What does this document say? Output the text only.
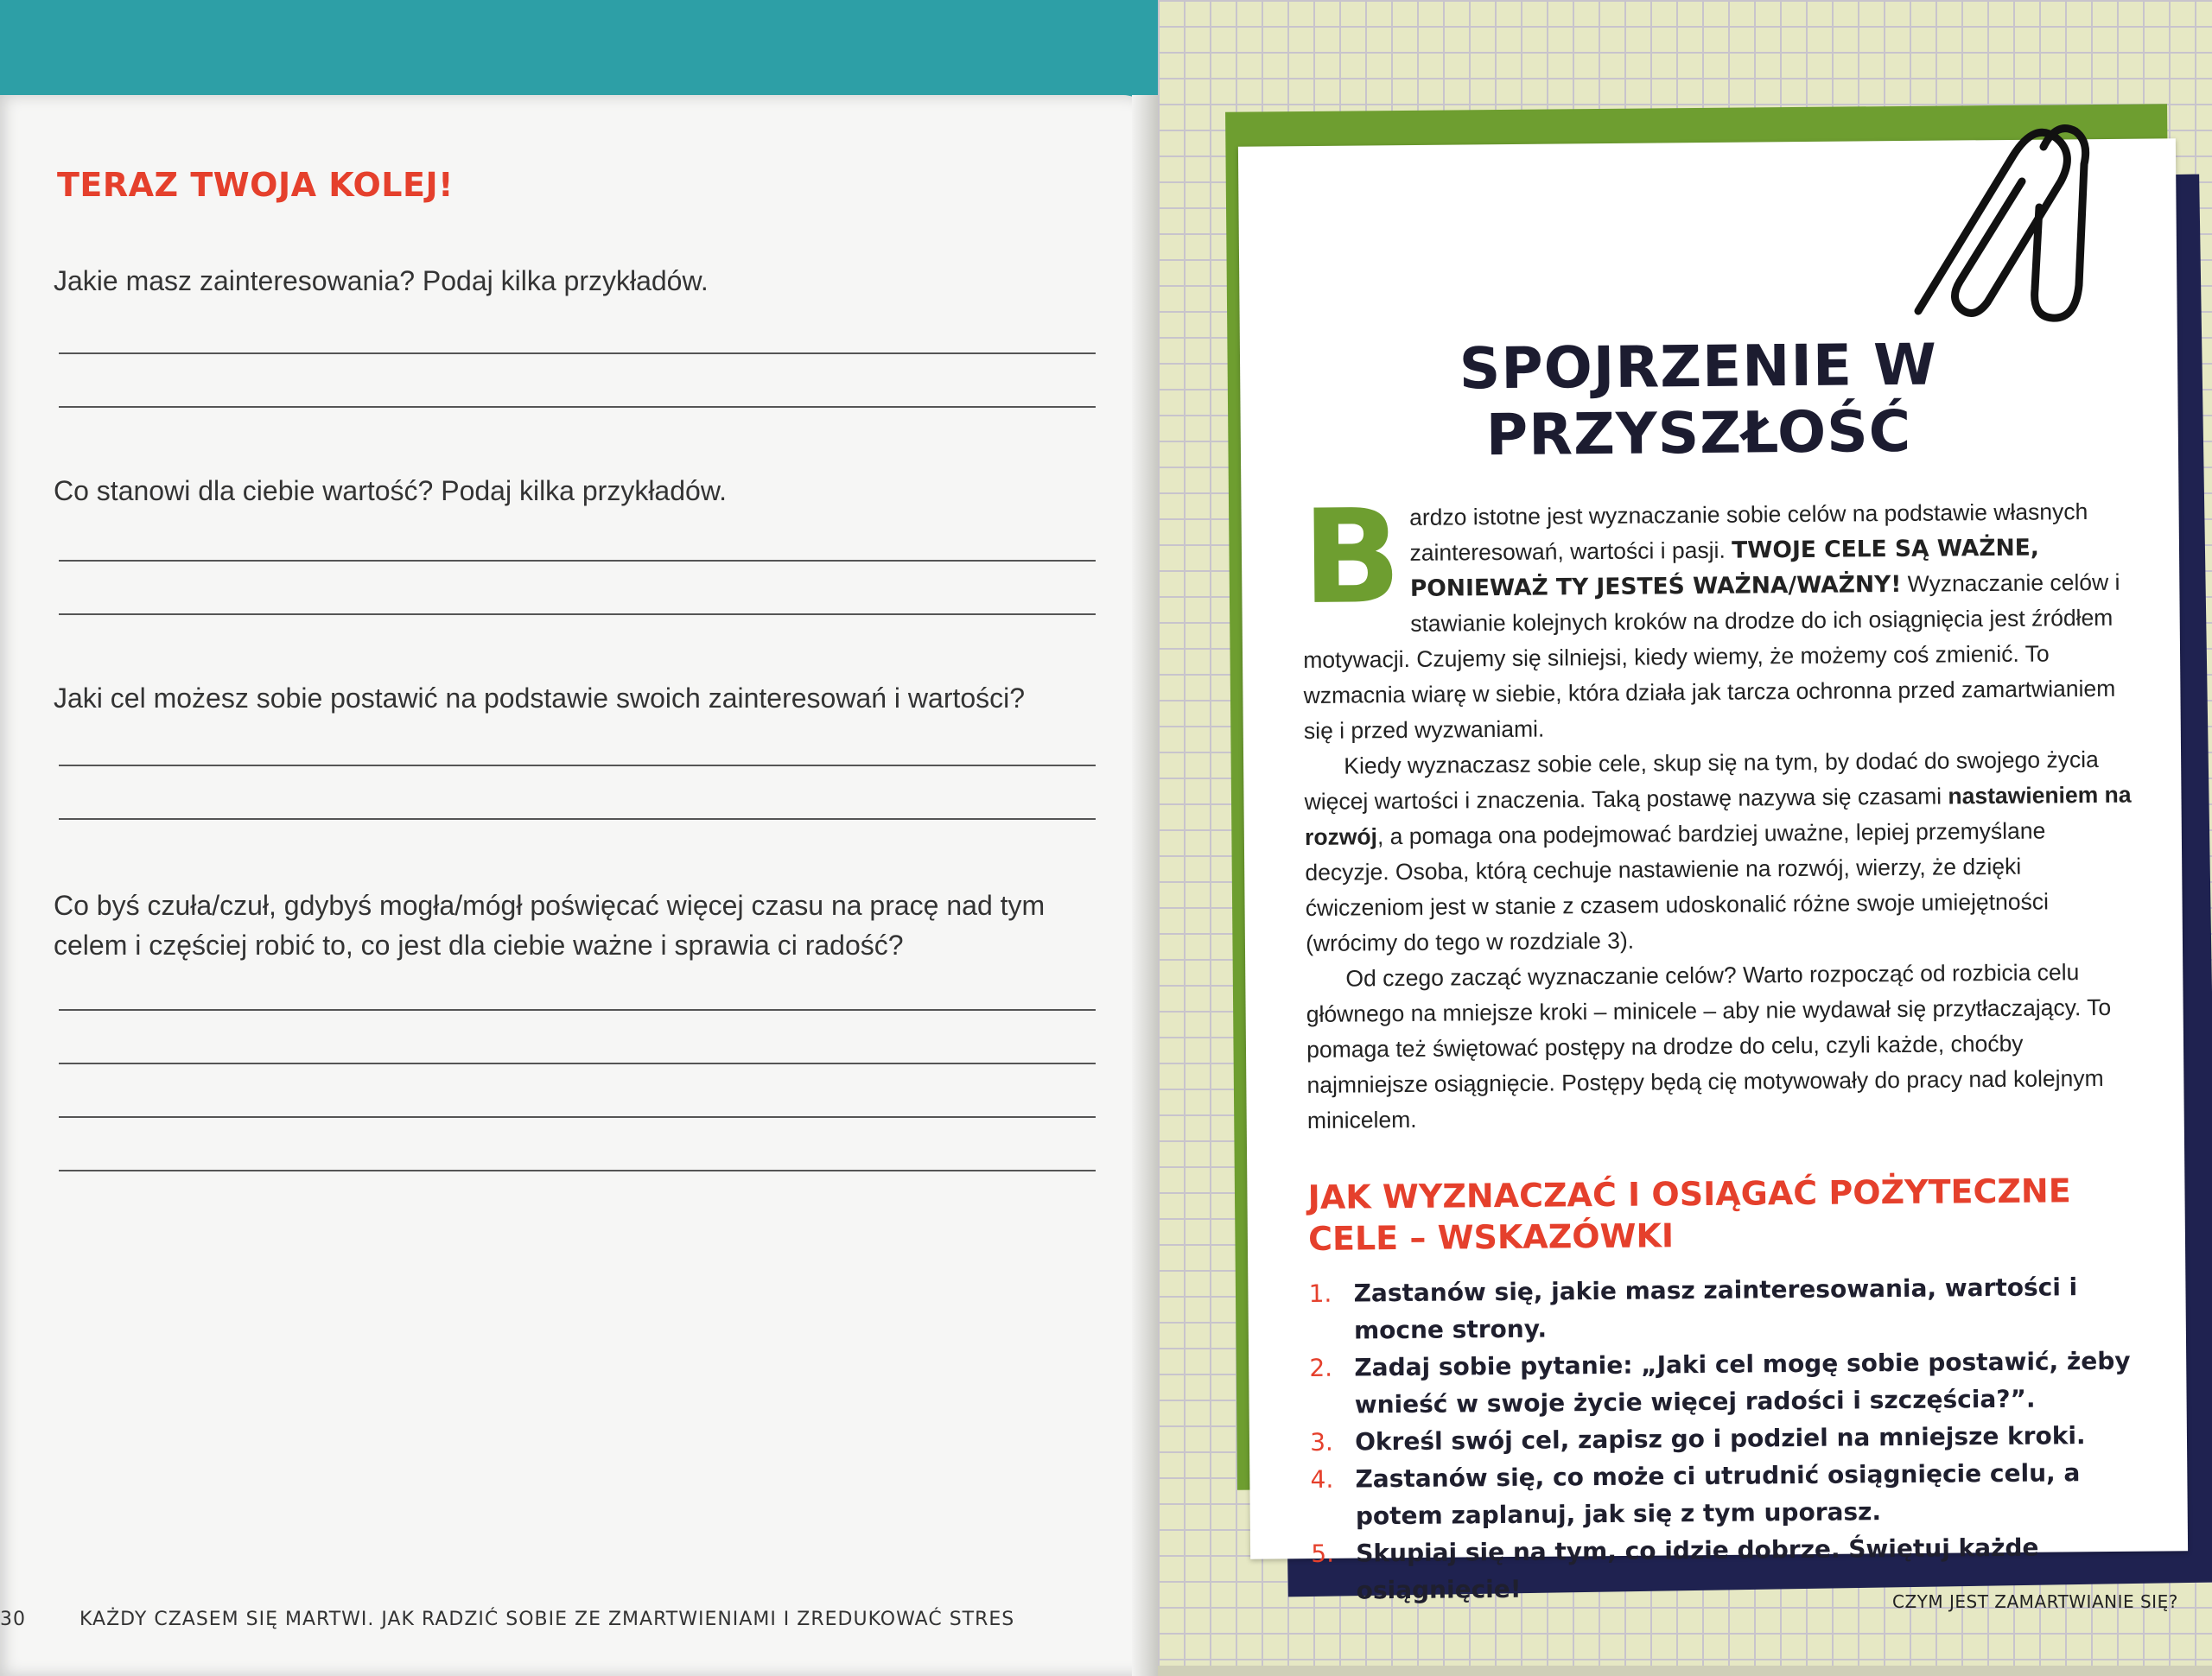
TERAZ TWOJA KOLEJ!

Jakie masz zainteresowania? Podaj kilka przykładów.

Co stanowi dla ciebie wartość? Podaj kilka przykładów.

Jaki cel możesz sobie postawić na podstawie swoich zainteresowań i wartości?

Co byś czuła/czuł, gdybyś mogła/mógł poświęcać więcej czasu na pracę nad tym celem i częściej robić to, co jest dla ciebie ważne i sprawia ci radość?

30	KAŻDY CZASEM SIĘ MARTWI. JAK RADZIĆ SOBIE ZE ZMARTWIENIAMI I ZREDUKOWAĆ STRES
SPOJRZENIE W PRZYSZŁOŚĆ

Bardzo istotne jest wyznaczanie sobie celów na podstawie własnych zainteresowań, wartości i pasji. TWOJE CELE SĄ WAŻNE, PONIEWAŻ TY JESTEŚ WAŻNA/WAŻNY! Wyznaczanie celów i stawianie kolejnych kroków na drodze do ich osiągnięcia jest źródłem motywacji. Czujemy się silniejsi, kiedy wiemy, że możemy coś zmienić. To wzmacnia wiarę w siebie, która działa jak tarcza ochronna przed zamartwianiem się i przed wyzwaniami.

Kiedy wyznaczasz sobie cele, skup się na tym, by dodać do swojego życia więcej wartości i znaczenia. Taką postawę nazywa się czasami nastawieniem na rozwój, a pomaga ona podejmować bardziej uważne, lepiej przemyślane decyzje. Osoba, którą cechuje nastawienie na rozwój, wierzy, że dzięki ćwiczeniom jest w stanie z czasem udoskonalić różne swoje umiejętności (wrócimy do tego w rozdziale 3).

Od czego zacząć wyznaczanie celów? Warto rozpocząć od rozbicia celu głównego na mniejsze kroki – minicele – aby nie wydawał się przytłaczający. To pomaga też świętować postępy na drodze do celu, czyli każde, choćby najmniejsze osiągnięcie. Postępy będą cię motywowały do pracy nad kolejnym minicelem.

JAK WYZNACZAĆ I OSIĄGAĆ POŻYTECZNE CELE – WSKAZÓWKI
1. Zastanów się, jakie masz zainteresowania, wartości i mocne strony.
2. Zadaj sobie pytanie: „Jaki cel mogę sobie postawić, żeby wnieść w swoje życie więcej radości i szczęścia?”.
3. Określ swój cel, zapisz go i podziel na mniejsze kroki.
4. Zastanów się, co może ci utrudnić osiągnięcie celu, a potem zaplanuj, jak się z tym uporasz.
5. Skupiaj się na tym, co idzie dobrze. Świętuj każde osiągnięcie!	CZYM JEST ZAMARTWIANIE SIĘ?
